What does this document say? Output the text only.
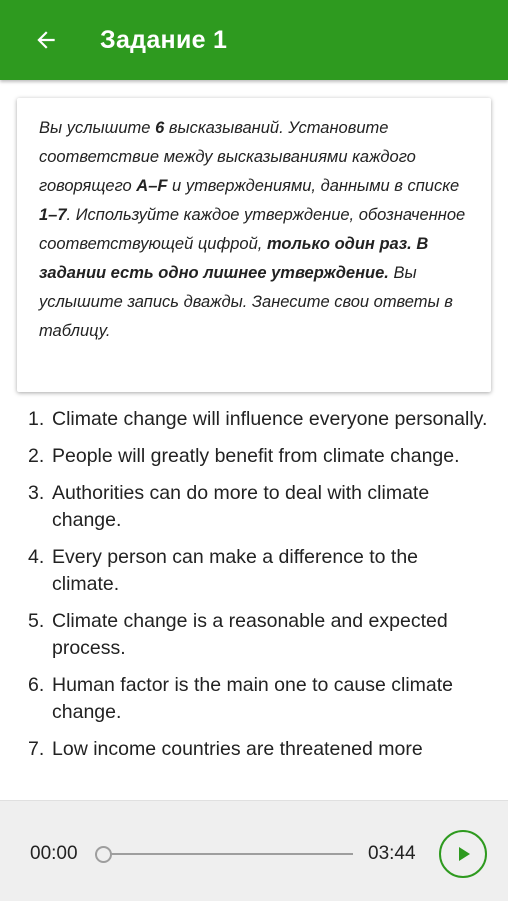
Задание 1

Вы услышите 6 высказываний. Установите соответствие между высказываниями каждого говорящего A–F и утверждениями, данными в списке 1–7. Используйте каждое утверждение, обозначенное соответствующей цифрой, только один раз. В задании есть одно лишнее утверждение. Вы услышите запись дважды. Занесите свои ответы в таблицу.

1. Climate change will influence everyone personally.
2. People will greatly benefit from climate change.
3. Authorities can do more to deal with climate change.
4. Every person can make a difference to the climate.
5. Climate change is a reasonable and expected process.
6. Human factor is the main one to cause climate change.
7. Low income countries are threatened more
00:00	03:44
